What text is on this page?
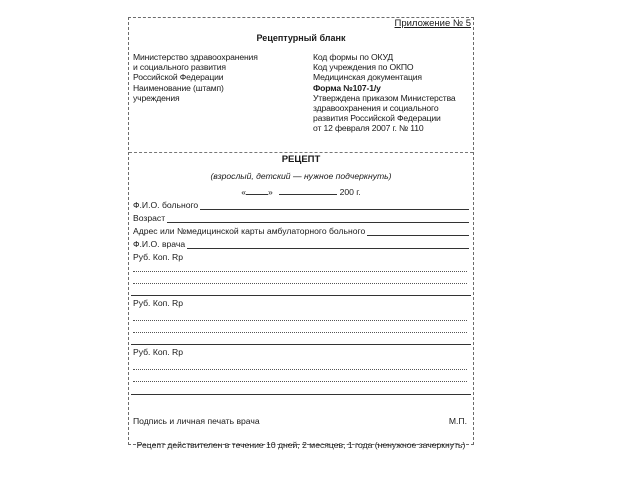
Приложение № 5
Рецептурный бланк
Министерство здравоохранения
и социального развития
Российской Федерации
Наименование (штамп)
учреждения
Код формы по ОКУД
Код учреждения по ОКПО
Медицинская документация
Форма №107-1/у
Утверждена приказом Министерства
здравоохранения и социального
развития Российской Федерации
от 12 февраля 2007 г. № 110
РЕЦЕПТ
(взрослый, детский — нужное подчеркнуть)
«	»	200 г.
Ф.И.О. больного
Возраст
Адрес или №медицинской карты амбулаторного больного
Ф.И.О. врача
Руб. Коп. Rp
Руб. Коп. Rp
Руб. Коп. Rp
Подпись и личная печать врача	М.П.
Рецепт действителен в течение 10 дней, 2 месяцев, 1 года (ненужное зачеркнуть)
